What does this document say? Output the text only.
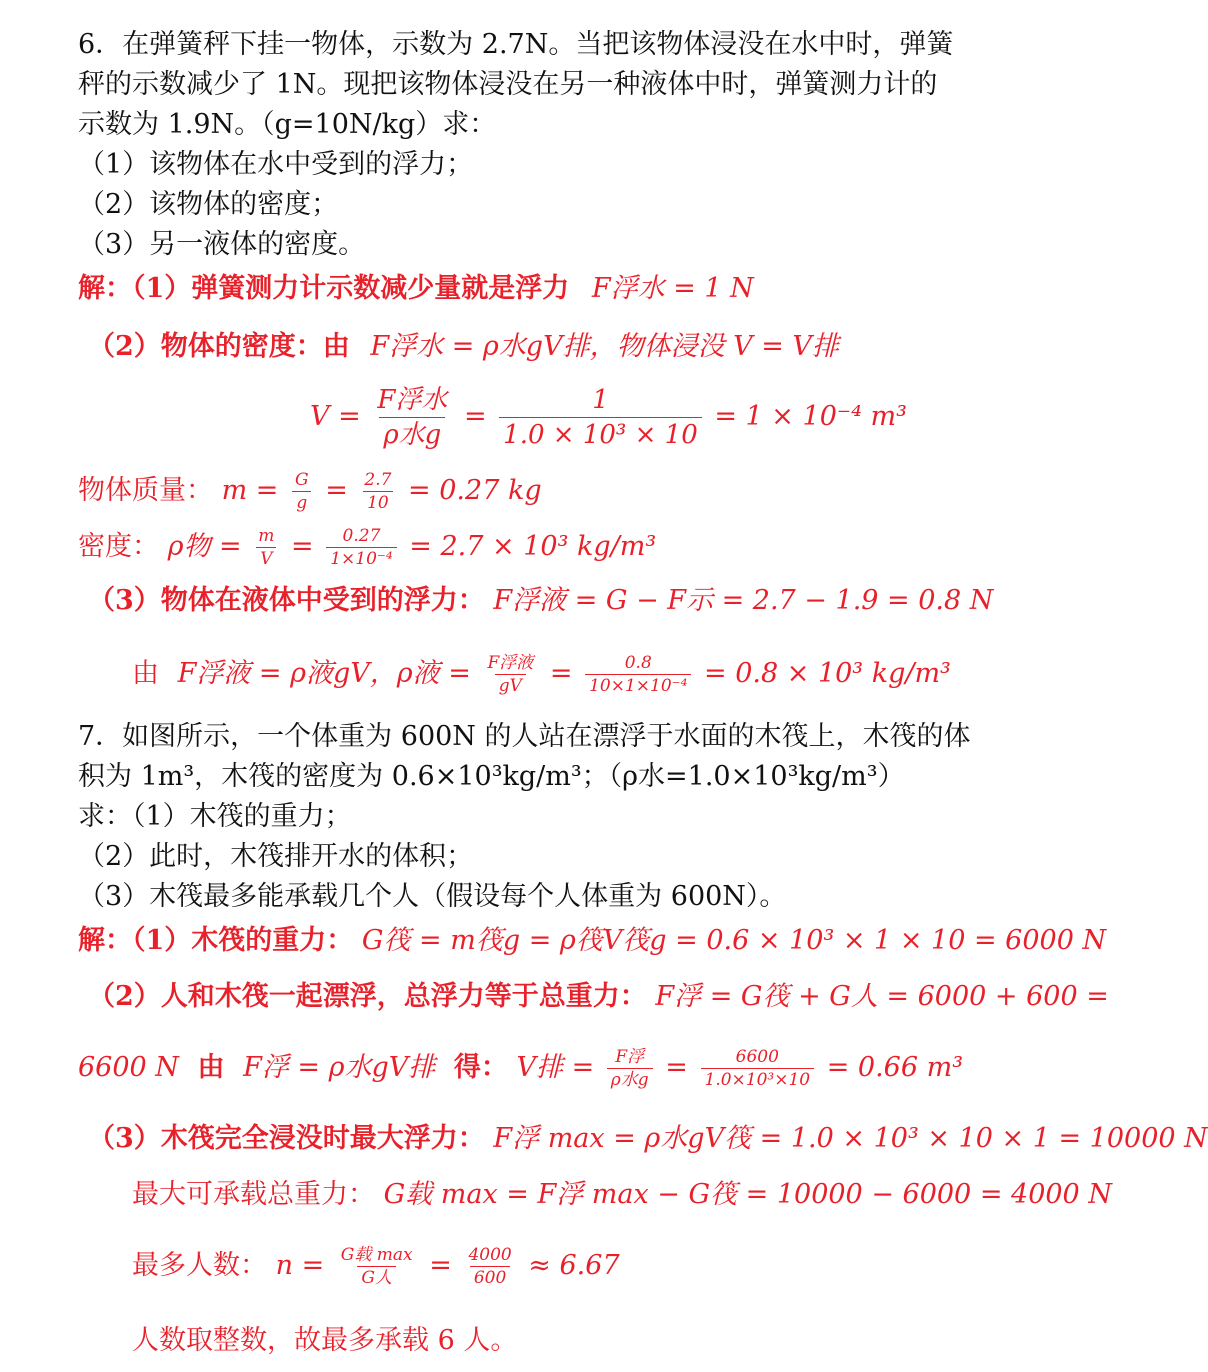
6．在弹簧秤下挂一物体，示数为 2.7N。当把该物体浸没在水中时，弹簧
秤的示数减少了 1N。现把该物体浸没在另一种液体中时，弹簧测力计的
示数为 1.9N。（g=10N/kg）求：
（1）该物体在水中受到的浮力；
（2）该物体的密度；
（3）另一液体的密度。
解：（1）弹簧测力计示数减少量就是浮力 F浮水 = 1 N
（2）物体的密度：由 F浮水 = ρ水gV排，物体浸没 V = V排
$V = \frac{\text{F浮水}}{\text{ρ水g}} = \frac{1}{\text{1.0 × 10³ × 10}} = 1 \times 10^{-4}$ m³
物体质量： $m = \frac{G}{g} = \frac{2.7}{10} = 0.27$ kg
密度： ρ物 = $\frac{m}{V} = \frac{0.27}{\text{1×10⁻⁴}} = 2.7 \times 10^3$ kg/m³
（3）物体在液体中受到的浮力： F浮液 = G − F示 = 2.7 − 1.9 = 0.8 N
由 F浮液 = ρ液gV，ρ液 = $\frac{\text{F浮液}}{gV} = \frac{0.8}{\text{10×1×10⁻⁴}} = 0.8 \times 10^3$ kg/m³
7．如图所示，一个体重为 600N 的人站在漂浮于水面的木筏上，木筏的体
积为 1m³，木筏的密度为 0.6×10³kg/m³；（ρ水=1.0×10³kg/m³）
求：（1）木筏的重力；
（2）此时，木筏排开水的体积；
（3）木筏最多能承载几个人（假设每个人体重为 600N）。
解：（1）木筏的重力： G筏 = m筏g = ρ筏V筏g = 0.6 × 10³ × 1 × 10 = 6000 N
（2）人和木筏一起漂浮，总浮力等于总重力： F浮 = G筏 + G人 = 6000 + 600 =
6600 N 由 F浮 = ρ水gV排 得： V排 = $\frac{\text{F浮}}{\text{ρ水g}} = \frac{6600}{\text{1.0×10³×10}} = 0.66$ m³
（3）木筏完全浸没时最大浮力： F浮 max = ρ水gV筏 = 1.0 × 10³ × 10 × 1 = 10000 N
最大可承载总重力： G载 max = F浮 max − G筏 = 10000 − 6000 = 4000 N
最多人数： $n = \frac{\text{G载 max}}{\text{G人}} = \frac{4000}{600} \approx 6.67$
人数取整数，故最多承载 6 人。
